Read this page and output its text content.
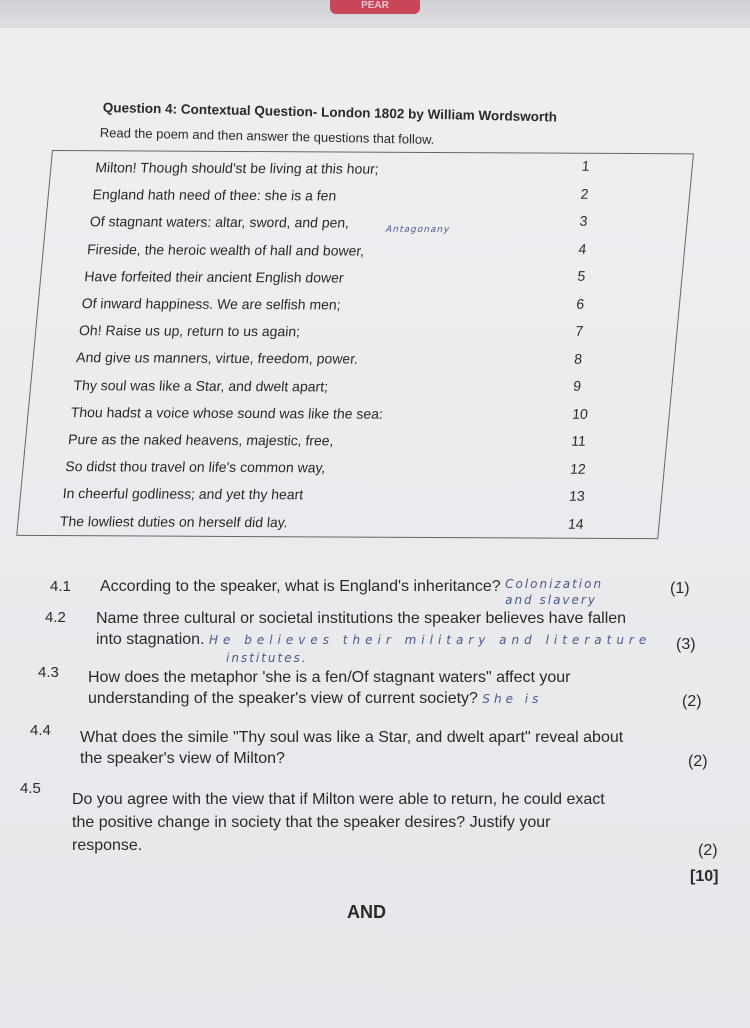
PEAR
Question 4: Contextual Question- London 1802 by William Wordsworth
Read the poem and then answer the questions that follow.
Milton! Though should'st be living at this hour;	1
England hath need of thee: she is a fen	2
Of stagnant waters: altar, sword, and pen,	3
Fireside, the heroic wealth of hall and bower,	4
Have forfeited their ancient English dower	5
Of inward happiness. We are selfish men;	6
Oh! Raise us up, return to us again;	7
And give us manners, virtue, freedom, power.	8
Thy soul was like a Star, and dwelt apart;	9
Thou hadst a voice whose sound was like the sea:	10
Pure as the naked heavens, majestic, free,	11
So didst thou travel on life's common way,	12
In cheerful godliness; and yet thy heart	13
The lowliest duties on herself did lay.	14
Antagonany
4.1 According to the speaker, what is England's inheritance? Colonization and slavery
(1)
4.2 Name three cultural or societal institutions the speaker believes have fallen
into stagnation. He believes their military and literature
institutes.
(3)
4.3 How does the metaphor 'she is a fen/Of stagnant waters" affect your
understanding of the speaker's view of current society? She is	(2)
4.4 What does the simile "Thy soul was like a Star, and dwelt apart" reveal about
the speaker's view of Milton?	(2)
4.5
Do you agree with the view that if Milton were able to return, he could exact
the positive change in society that the speaker desires? Justify your
response.	(2)
[10]
AND
